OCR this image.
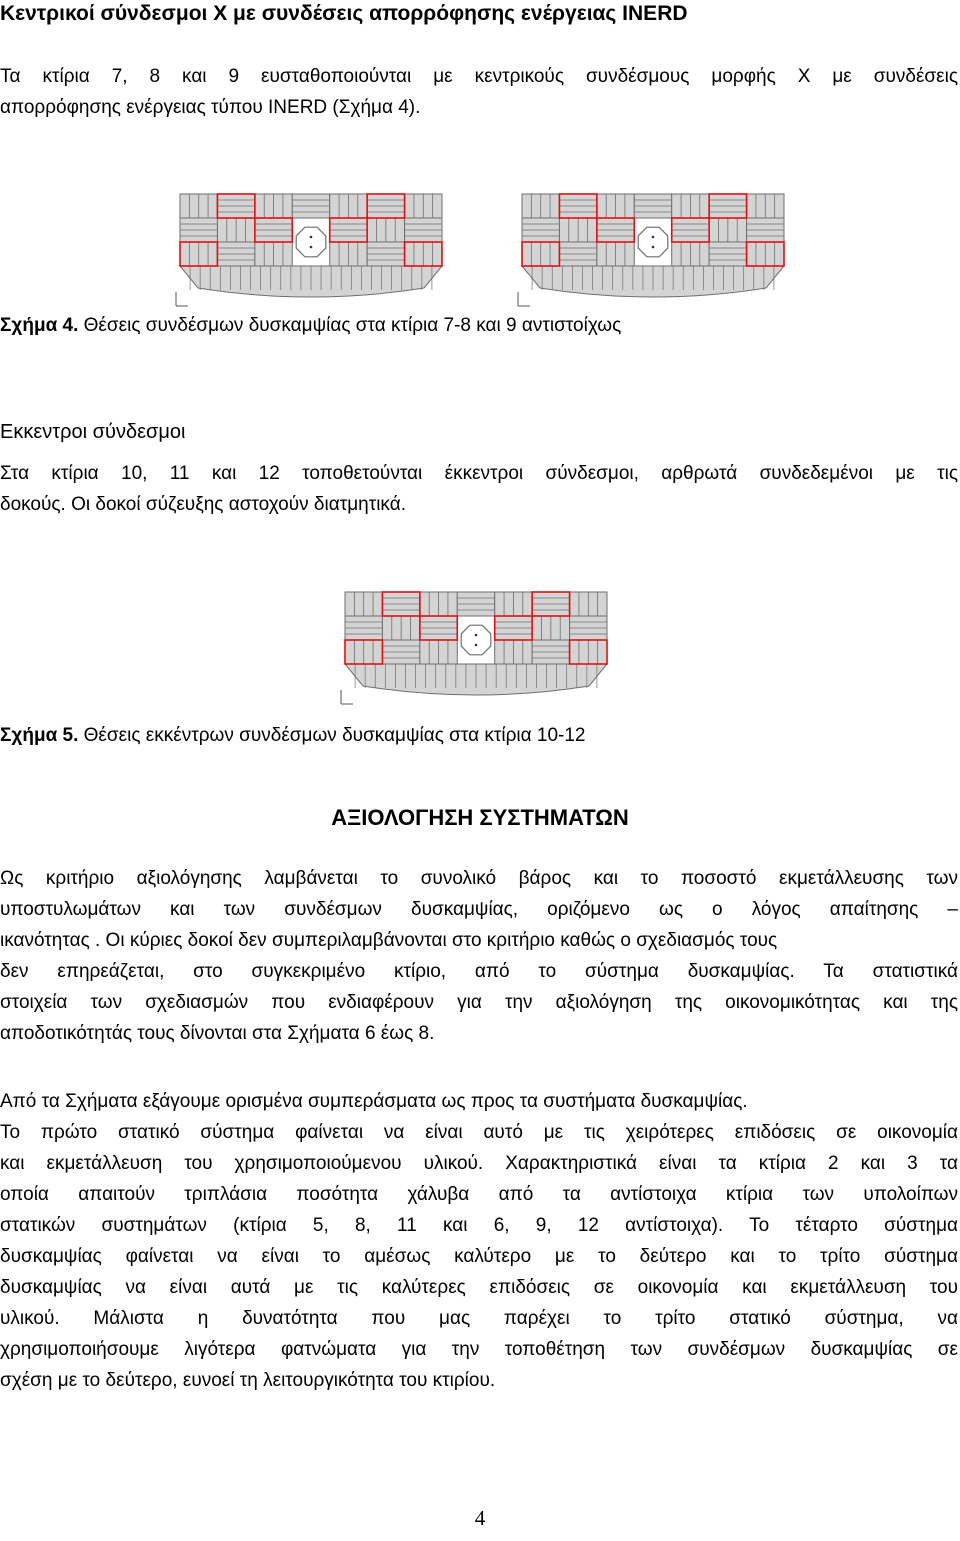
Κεντρικοί σύνδεσμοι Χ με συνδέσεις απορρόφησης ενέργειας INERD
Τα κτίρια 7, 8 και 9 ευσταθοποιούνται με κεντρικούς συνδέσμους μορφής Χ με συνδέσεις
απορρόφησης ενέργειας τύπου INERD (Σχήμα 4).
Σχήμα 4. Θέσεις συνδέσμων δυσκαμψίας στα κτίρια 7-8 και 9 αντιστοίχως
Εκκεντροι σύνδεσμοι
Στα κτίρια 10, 11 και 12 τοποθετούνται έκκεντροι σύνδεσμοι, αρθρωτά συνδεδεμένοι με τις
δοκούς. Οι δοκοί σύζευξης αστοχούν διατμητικά.
Σχήμα 5. Θέσεις εκκέντρων συνδέσμων δυσκαμψίας στα κτίρια 10-12
ΑΞΙΟΛΟΓΗΣΗ ΣΥΣΤΗΜΑΤΩΝ
Ως κριτήριο αξιολόγησης λαμβάνεται το συνολικό βάρος και το ποσοστό εκμετάλλευσης των
υποστυλωμάτων και των συνδέσμων δυσκαμψίας, οριζόμενο ως ο λόγος απαίτησης –
ικανότητας . Οι κύριες δοκοί δεν συμπεριλαμβάνονται στο κριτήριο καθώς ο σχεδιασμός τους
δεν επηρεάζεται, στο συγκεκριμένο κτίριο, από το σύστημα δυσκαμψίας. Τα στατιστικά
στοιχεία των σχεδιασμών που ενδιαφέρουν για την αξιολόγηση της οικονομικότητας και της
αποδοτικότητάς τους δίνονται στα Σχήματα 6 έως 8.
Από τα Σχήματα εξάγουμε ορισμένα συμπεράσματα ως προς τα συστήματα δυσκαμψίας.
Το πρώτο στατικό σύστημα φαίνεται να είναι αυτό με τις χειρότερες επιδόσεις σε οικονομία
και εκμετάλλευση του χρησιμοποιούμενου υλικού. Χαρακτηριστικά είναι τα κτίρια 2 και 3 τα
οποία απαιτούν τριπλάσια ποσότητα χάλυβα από τα αντίστοιχα κτίρια των υπολοίπων
στατικών συστημάτων (κτίρια 5, 8, 11 και 6, 9, 12 αντίστοιχα). Το τέταρτο σύστημα
δυσκαμψίας φαίνεται να είναι το αμέσως καλύτερο με το δεύτερο και το τρίτο σύστημα
δυσκαμψίας να είναι αυτά με τις καλύτερες επιδόσεις σε οικονομία και εκμετάλλευση του
υλικού. Μάλιστα η δυνατότητα που μας παρέχει το τρίτο στατικό σύστημα, να
χρησιμοποιήσουμε λιγότερα φατνώματα για την τοποθέτηση των συνδέσμων δυσκαμψίας σε
σχέση με το δεύτερο, ευνοεί τη λειτουργικότητα του κτιρίου.
4
